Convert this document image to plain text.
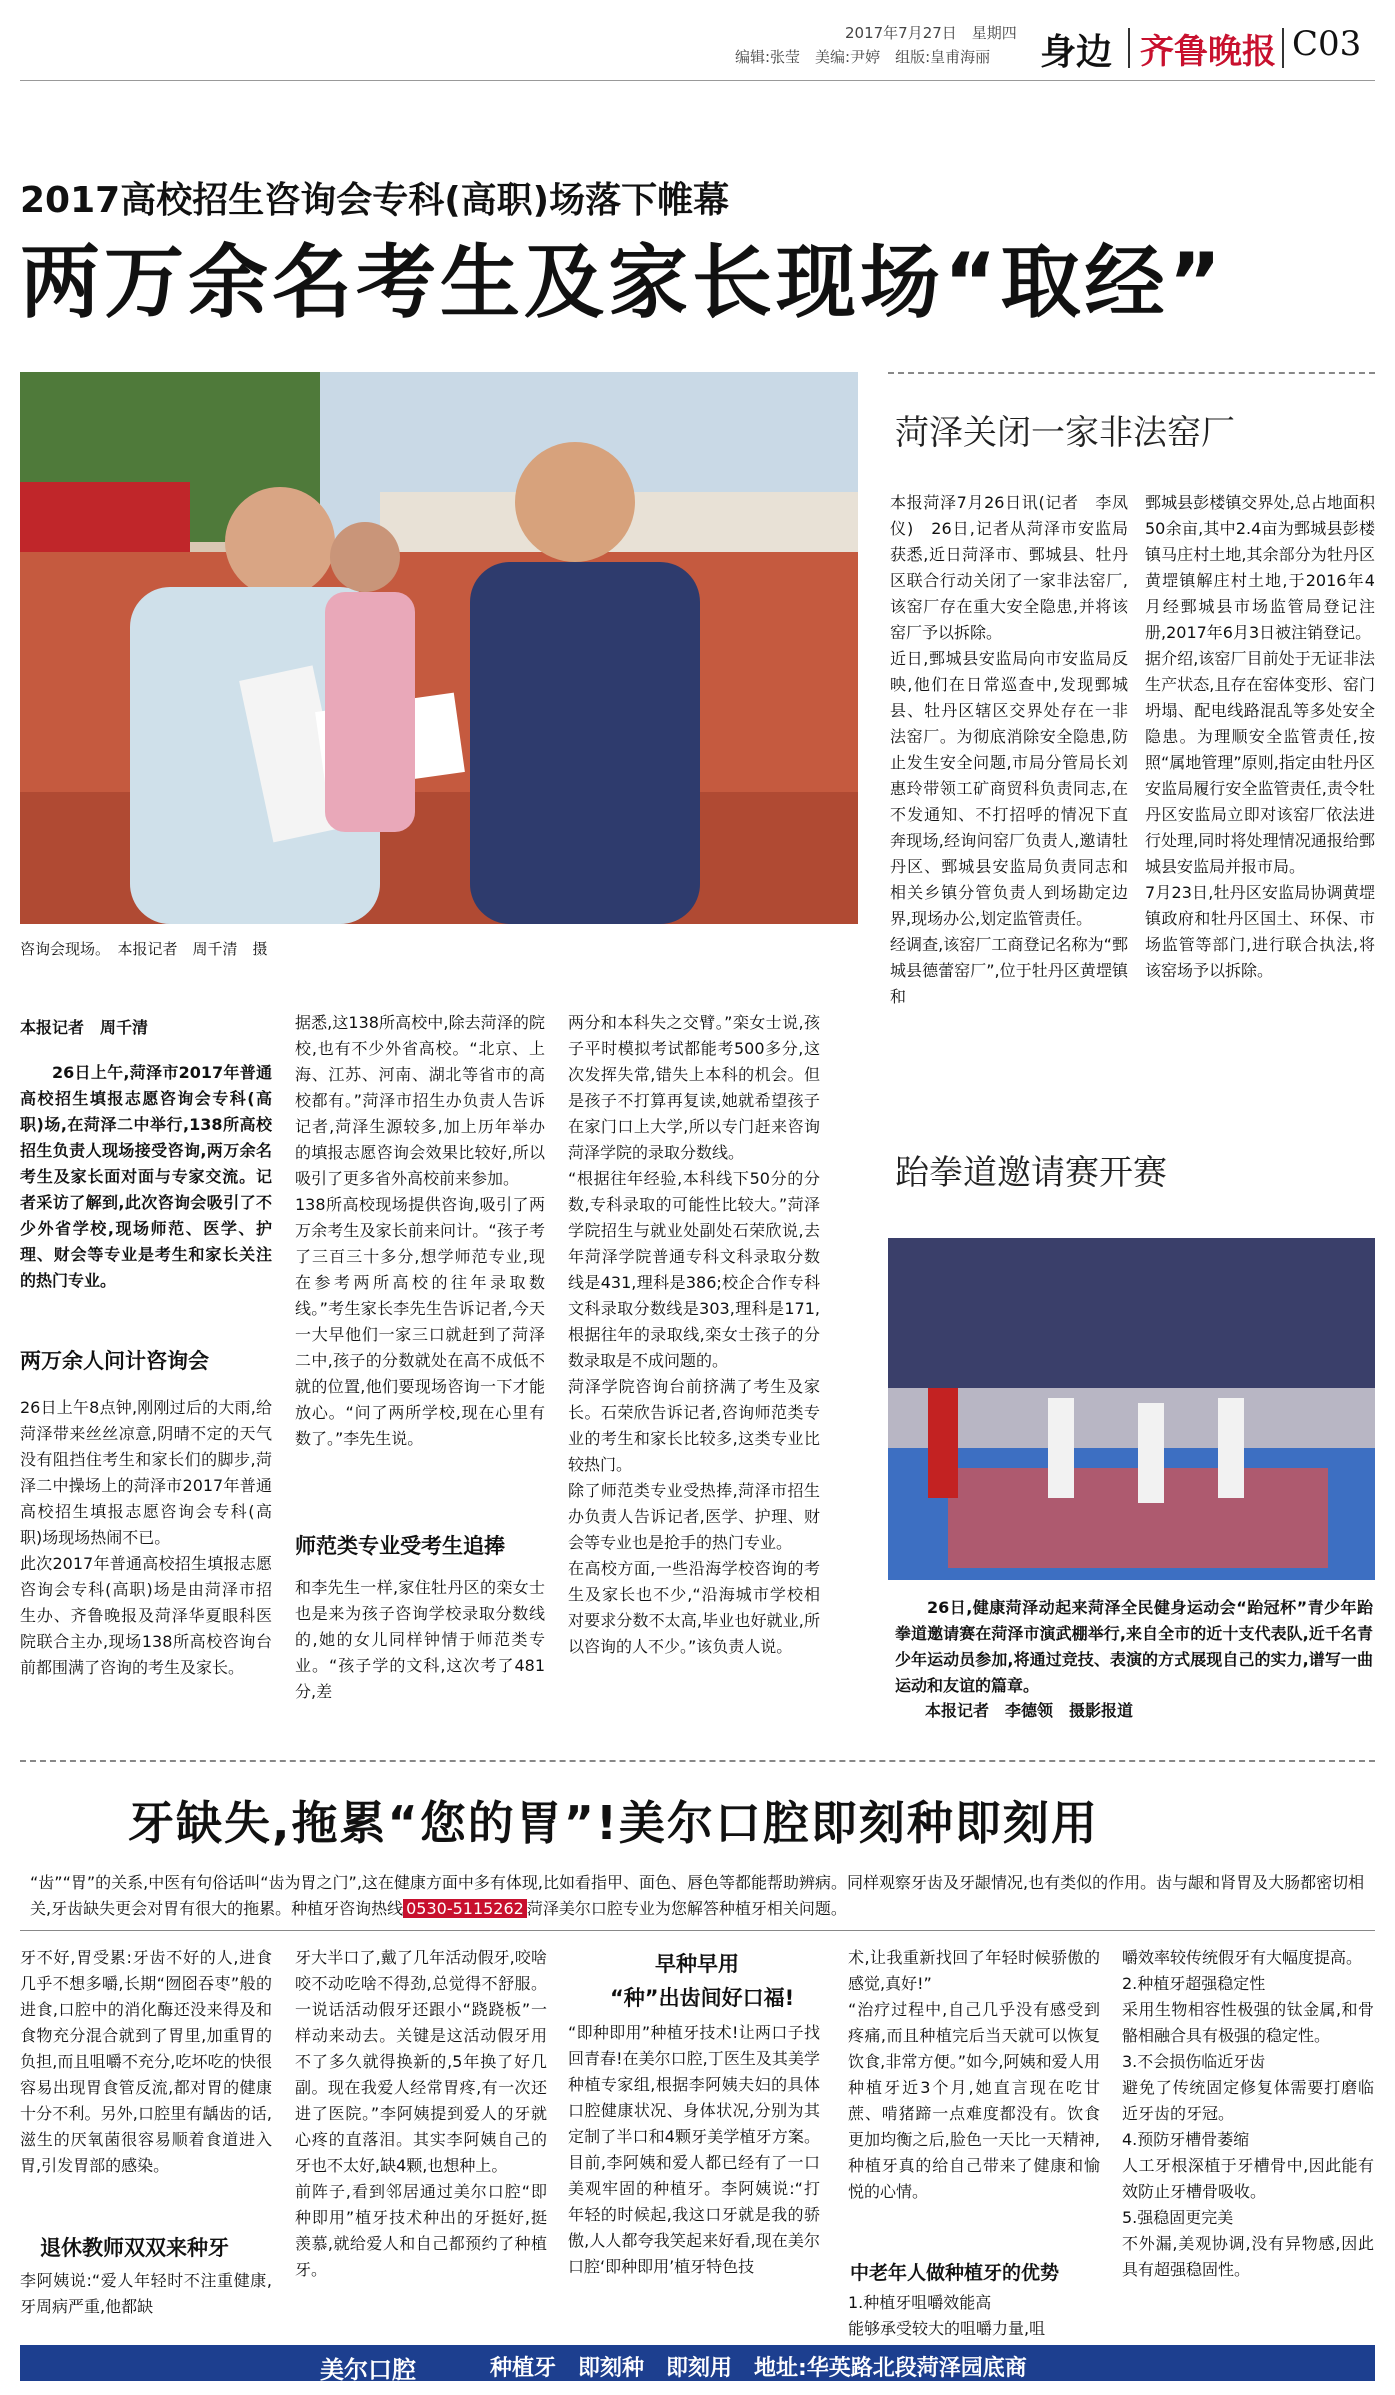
2017年7月27日　星期四
编辑:张莹　美编:尹婷　组版:皇甫海丽 身边 齐鲁晚报 C03
2017高校招生咨询会专科(高职)场落下帷幕
两万余名考生及家长现场“取经”
咨询会现场。　本报记者　周千清　摄
本报记者　周千清
26日上午,菏泽市2017年普通高校招生填报志愿咨询会专科(高职)场,在菏泽二中举行,138所高校招生负责人现场接受咨询,两万余名考生及家长面对面与专家交流。记者采访了解到,此次咨询会吸引了不少外省学校,现场师范、医学、护理、财会等专业是考生和家长关注的热门专业。
两万余人问计咨询会
26日上午8点钟,刚刚过后的大雨,给菏泽带来丝丝凉意,阴晴不定的天气没有阻挡住考生和家长们的脚步,菏泽二中操场上的菏泽市2017年普通高校招生填报志愿咨询会专科(高职)场现场热闹不已。
此次2017年普通高校招生填报志愿咨询会专科(高职)场是由菏泽市招生办、齐鲁晚报及菏泽华夏眼科医院联合主办,现场138所高校咨询台前都围满了咨询的考生及家长。
据悉,这138所高校中,除去菏泽的院校,也有不少外省高校。“北京、上海、江苏、河南、湖北等省市的高校都有。”菏泽市招生办负责人告诉记者,菏泽生源较多,加上历年举办的填报志愿咨询会效果比较好,所以吸引了更多省外高校前来参加。
138所高校现场提供咨询,吸引了两万余考生及家长前来问计。“孩子考了三百三十多分,想学师范专业,现在参考两所高校的往年录取数线。”考生家长李先生告诉记者,今天一大早他们一家三口就赶到了菏泽二中,孩子的分数就处在高不成低不就的位置,他们要现场咨询一下才能放心。“问了两所学校,现在心里有数了。”李先生说。
师范类专业受考生追捧
和李先生一样,家住牡丹区的栾女士也是来为孩子咨询学校录取分数线的,她的女儿同样钟情于师范类专业。“孩子学的文科,这次考了481分,差
两分和本科失之交臂。”栾女士说,孩子平时模拟考试都能考500多分,这次发挥失常,错失上本科的机会。但是孩子不打算再复读,她就希望孩子在家门口上大学,所以专门赶来咨询菏泽学院的录取分数线。
“根据往年经验,本科线下50分的分数,专科录取的可能性比较大。”菏泽学院招生与就业处副处石荣欣说,去年菏泽学院普通专科文科录取分数线是431,理科是386;校企合作专科文科录取分数线是303,理科是171,根据往年的录取线,栾女士孩子的分数录取是不成问题的。
菏泽学院咨询台前挤满了考生及家长。石荣欣告诉记者,咨询师范类专业的考生和家长比较多,这类专业比较热门。
除了师范类专业受热捧,菏泽市招生办负责人告诉记者,医学、护理、财会等专业也是抢手的热门专业。
在高校方面,一些沿海学校咨询的考生及家长也不少,“沿海城市学校相对要求分数不太高,毕业也好就业,所以咨询的人不少。”该负责人说。
菏泽关闭一家非法窑厂
本报菏泽7月26日讯(记者　李凤仪)　26日,记者从菏泽市安监局获悉,近日菏泽市、鄄城县、牡丹区联合行动关闭了一家非法窑厂,该窑厂存在重大安全隐患,并将该窑厂予以拆除。
近日,鄄城县安监局向市安监局反映,他们在日常巡查中,发现鄄城县、牡丹区辖区交界处存在一非法窑厂。为彻底消除安全隐患,防止发生安全问题,市局分管局长刘惠玲带领工矿商贸科负责同志,在不发通知、不打招呼的情况下直奔现场,经询问窑厂负责人,邀请牡丹区、鄄城县安监局负责同志和相关乡镇分管负责人到场勘定边界,现场办公,划定监管责任。
经调查,该窑厂工商登记名称为“鄄城县德蕾窑厂”,位于牡丹区黄堽镇和
鄄城县彭楼镇交界处,总占地面积50余亩,其中2.4亩为鄄城县彭楼镇马庄村土地,其余部分为牡丹区黄堽镇解庄村土地,于2016年4月经鄄城县市场监管局登记注册,2017年6月3日被注销登记。
据介绍,该窑厂目前处于无证非法生产状态,且存在窑体变形、窑门坍塌、配电线路混乱等多处安全隐患。为理顺安全监管责任,按照“属地管理”原则,指定由牡丹区安监局履行安全监管责任,责令牡丹区安监局立即对该窑厂依法进行处理,同时将处理情况通报给鄄城县安监局并报市局。
7月23日,牡丹区安监局协调黄堽镇政府和牡丹区国土、环保、市场监管等部门,进行联合执法,将该窑场予以拆除。
跆拳道邀请赛开赛
26日,健康菏泽动起来菏泽全民健身运动会“跆冠杯”青少年跆拳道邀请赛在菏泽市演武棚举行,来自全市的近十支代表队,近千名青少年运动员参加,将通过竞技、表演的方式展现自己的实力,谱写一曲运动和友谊的篇章。
本报记者　李德领　摄影报道
牙缺失,拖累“您的胃”!美尔口腔即刻种即刻用
“齿”“胃”的关系,中医有句俗话叫“齿为胃之门”,这在健康方面中多有体现,比如看指甲、面色、唇色等都能帮助辨病。同样观察牙齿及牙龈情况,也有类似的作用。齿与龈和肾胃及大肠都密切相关,牙齿缺失更会对胃有很大的拖累。种植牙咨询热线 0530-5115262 菏泽美尔口腔专业为您解答种植牙相关问题。
牙不好,胃受累:牙齿不好的人,进食几乎不想多嚼,长期“囫囵吞枣”般的进食,口腔中的消化酶还没来得及和食物充分混合就到了胃里,加重胃的负担,而且咀嚼不充分,吃坏吃的快很容易出现胃食管反流,都对胃的健康十分不利。另外,口腔里有龋齿的话,滋生的厌氧菌很容易顺着食道进入胃,引发胃部的感染。
退休教师双双来种牙
李阿姨说:“爱人年轻时不注重健康,牙周病严重,他都缺
牙大半口了,戴了几年活动假牙,咬啥咬不动吃啥不得劲,总觉得不舒服。一说话活动假牙还跟小“跷跷板”一样动来动去。关键是这活动假牙用不了多久就得换新的,5年换了好几副。现在我爱人经常胃疼,有一次还进了医院。”李阿姨提到爱人的牙就心疼的直落泪。其实李阿姨自己的牙也不太好,缺4颗,也想种上。
前阵子,看到邻居通过美尔口腔“即种即用”植牙技术种出的牙挺好,挺羡慕,就给爱人和自己都预约了种植牙。
早种早用
“种”出齿间好口福!
“即种即用”种植牙技术!让两口子找回青春!在美尔口腔,丁医生及其美学种植专家组,根据李阿姨夫妇的具体口腔健康状况、身体状况,分别为其定制了半口和4颗牙美学植牙方案。目前,李阿姨和爱人都已经有了一口美观牢固的种植牙。李阿姨说:“打年轻的时候起,我这口牙就是我的骄傲,人人都夸我笑起来好看,现在美尔口腔‘即种即用’植牙特色技
术,让我重新找回了年轻时候骄傲的感觉,真好!”
“治疗过程中,自己几乎没有感受到疼痛,而且种植完后当天就可以恢复饮食,非常方便。”如今,阿姨和爱人用种植牙近3个月,她直言现在吃甘蔗、啃猪蹄一点难度都没有。饮食更加均衡之后,脸色一天比一天精神,种植牙真的给自己带来了健康和愉悦的心情。
中老年人做种植牙的优势
1.种植牙咀嚼效能高
能够承受较大的咀嚼力量,咀
嚼效率较传统假牙有大幅度提高。
2.种植牙超强稳定性
采用生物相容性极强的钛金属,和骨骼相融合具有极强的稳定性。
3.不会损伤临近牙齿
避免了传统固定修复体需要打磨临近牙齿的牙冠。
4.预防牙槽骨萎缩
人工牙根深植于牙槽骨中,因此能有效防止牙槽骨吸收。
5.强稳固更完美
不外漏,美观协调,没有异物感,因此具有超强稳固性。
美尔口腔	种植牙　即刻种　即刻用　地址:华英路北段菏泽园底商
